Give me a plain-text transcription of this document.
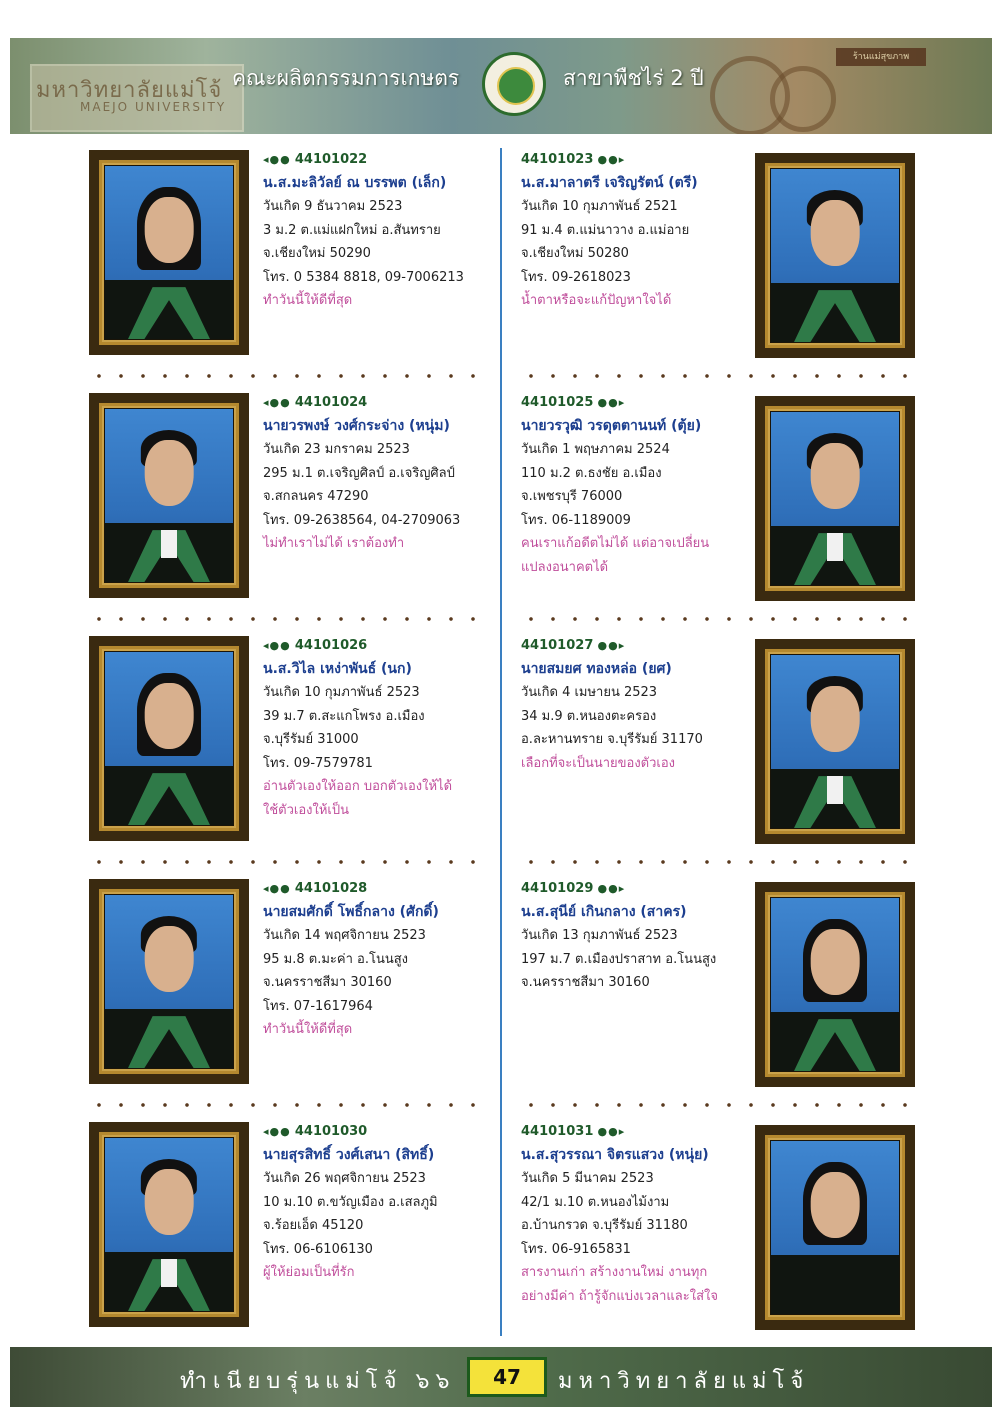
มหาวิทยาลัยแม่โจ้
MAEJO UNIVERSITY
ร้านแม่สุขภาพ
คณะผลิตกรรมการเกษตร	สาขาพืชไร่ 2 ปี
◂●● 44101022
น.ส.มะลิวัลย์ ณ บรรพต (เล็ก)
วันเกิด 9 ธันวาคม 2523
3 ม.2 ต.แม่แฝกใหม่ อ.สันทราย
จ.เชียงใหม่ 50290
โทร. 0 5384 8818, 09-7006213
ทำวันนี้ให้ดีที่สุด
44101023 ●●▸
น.ส.มาลาตรี เจริญรัตน์ (ตรี)
วันเกิด 10 กุมภาพันธ์ 2521
91 ม.4 ต.แม่นาวาง อ.แม่อาย
จ.เชียงใหม่ 50280
โทร. 09-2618023
น้ำตาหรือจะแก้ปัญหาใจได้
◂●● 44101024
นายวรพงษ์ วงศ์กระจ่าง (หนุ่ม)
วันเกิด 23 มกราคม 2523
295 ม.1 ต.เจริญศิลป์ อ.เจริญศิลป์
จ.สกลนคร 47290
โทร. 09-2638564, 04-2709063
ไม่ทำเราไม่ได้ เราต้องทำ
44101025 ●●▸
นายวรวุฒิ วรดุตตานนท์ (ตุ้ย)
วันเกิด 1 พฤษภาคม 2524
110 ม.2 ต.ธงชัย อ.เมือง
จ.เพชรบุรี 76000
โทร. 06-1189009
คนเราแก้อดีตไม่ได้ แต่อาจเปลี่ยน
แปลงอนาคตได้
◂●● 44101026
น.ส.วิไล เหง่าพันธ์ (นก)
วันเกิด 10 กุมภาพันธ์ 2523
39 ม.7 ต.สะแกโพรง อ.เมือง
จ.บุรีรัมย์ 31000
โทร. 09-7579781
อ่านตัวเองให้ออก บอกตัวเองให้ได้
ใช้ตัวเองให้เป็น
44101027 ●●▸
นายสมยศ ทองหล่อ (ยศ)
วันเกิด 4 เมษายน 2523
34 ม.9 ต.หนองตะครอง
อ.ละหานทราย จ.บุรีรัมย์ 31170
เลือกที่จะเป็นนายของตัวเอง
◂●● 44101028
นายสมศักดิ์ โพธิ์กลาง (ศักดิ์)
วันเกิด 14 พฤศจิกายน 2523
95 ม.8 ต.มะค่า อ.โนนสูง
จ.นครราชสีมา 30160
โทร. 07-1617964
ทำวันนี้ให้ดีที่สุด
44101029 ●●▸
น.ส.สุนีย์ เกินกลาง (สาคร)
วันเกิด 13 กุมภาพันธ์ 2523
197 ม.7 ต.เมืองปราสาท อ.โนนสูง
จ.นครราชสีมา 30160
◂●● 44101030
นายสุรสิทธิ์ วงศ์เสนา (สิทธิ์)
วันเกิด 26 พฤศจิกายน 2523
10 ม.10 ต.ขวัญเมือง อ.เสลภูมิ
จ.ร้อยเอ็ด 45120
โทร. 06-6106130
ผู้ให้ย่อมเป็นที่รัก
44101031 ●●▸
น.ส.สุวรรณา จิตรแสวง (หนุ่ย)
วันเกิด 5 มีนาคม 2523
42/1 ม.10 ต.หนองไม้งาม
อ.บ้านกรวด จ.บุรีรัมย์ 31180
โทร. 06-9165831
สารงานเก่า สร้างงานใหม่ งานทุก
อย่างมีค่า ถ้ารู้จักแบ่งเวลาและใส่ใจ
ทำเนียบรุ่นแม่โจ้ ๖๖	47	มหาวิทยาลัยแม่โจ้
